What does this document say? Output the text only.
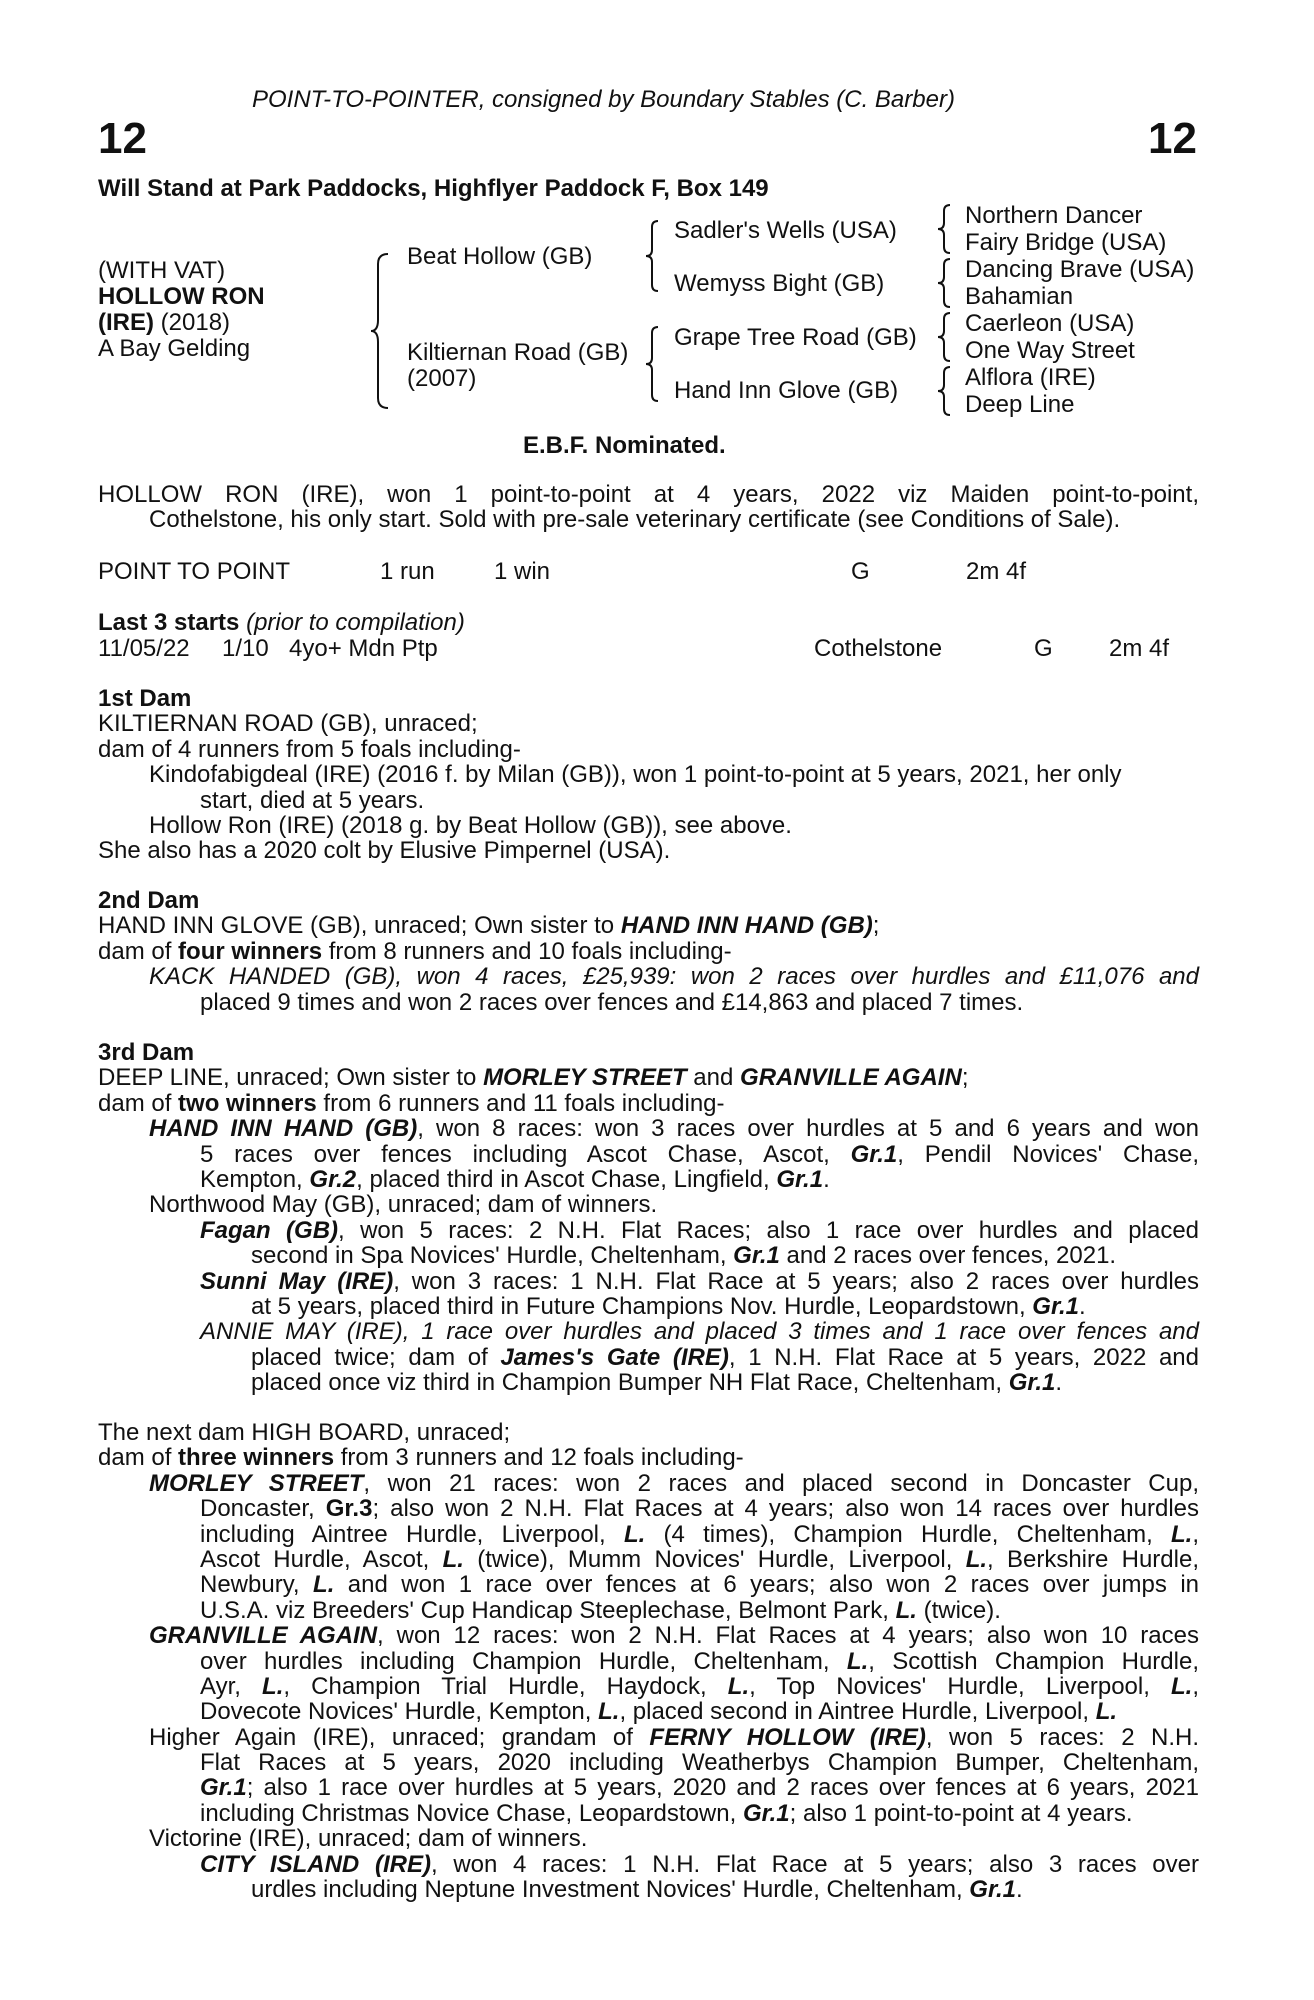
POINT-TO-POINTER, consigned by Boundary Stables (C. Barber)
12	12
Will Stand at Park Paddocks, Highflyer Paddock F, Box 149
(WITH VAT)
HOLLOW RON
(IRE) (2018)
A Bay Gelding
Beat Hollow (GB)
Kiltiernan Road (GB)
(2007)
Sadler's Wells (USA)
Wemyss Bight (GB)
Grape Tree Road (GB)
Hand Inn Glove (GB)
Northern Dancer
Fairy Bridge (USA)
Dancing Brave (USA)
Bahamian
Caerleon (USA)
One Way Street
Alflora (IRE)
Deep Line
E.B.F. Nominated.
HOLLOW RON (IRE), won 1 point-to-point at 4 years, 2022 viz Maiden point-to-point,
Cothelstone, his only start. Sold with pre-sale veterinary certificate (see Conditions of Sale).
POINT TO POINT	1 run 1 win	G	2m 4f
Last 3 starts (prior to compilation)
11/05/22 1/10 4yo+ Mdn Ptp	Cothelstone	G 2m 4f
1st Dam
KILTIERNAN ROAD (GB), unraced;
dam of 4 runners from 5 foals including-
Kindofabigdeal (IRE) (2016 f. by Milan (GB)), won 1 point-to-point at 5 years, 2021, her only
start, died at 5 years.
Hollow Ron (IRE) (2018 g. by Beat Hollow (GB)), see above.
She also has a 2020 colt by Elusive Pimpernel (USA).
2nd Dam
HAND INN GLOVE (GB), unraced; Own sister to HAND INN HAND (GB);
dam of four winners from 8 runners and 10 foals including-
KACK HANDED (GB), won 4 races, £25,939: won 2 races over hurdles and £11,076 and
placed 9 times and won 2 races over fences and £14,863 and placed 7 times.
3rd Dam
DEEP LINE, unraced; Own sister to MORLEY STREET and GRANVILLE AGAIN;
dam of two winners from 6 runners and 11 foals including-
HAND INN HAND (GB), won 8 races: won 3 races over hurdles at 5 and 6 years and won
5 races over fences including Ascot Chase, Ascot, Gr.1, Pendil Novices' Chase,
Kempton, Gr.2, placed third in Ascot Chase, Lingfield, Gr.1.
Northwood May (GB), unraced; dam of winners.
Fagan (GB), won 5 races: 2 N.H. Flat Races; also 1 race over hurdles and placed
second in Spa Novices' Hurdle, Cheltenham, Gr.1 and 2 races over fences, 2021.
Sunni May (IRE), won 3 races: 1 N.H. Flat Race at 5 years; also 2 races over hurdles
at 5 years, placed third in Future Champions Nov. Hurdle, Leopardstown, Gr.1.
ANNIE MAY (IRE), 1 race over hurdles and placed 3 times and 1 race over fences and
placed twice; dam of James's Gate (IRE), 1 N.H. Flat Race at 5 years, 2022 and
placed once viz third in Champion Bumper NH Flat Race, Cheltenham, Gr.1.
The next dam HIGH BOARD, unraced;
dam of three winners from 3 runners and 12 foals including-
MORLEY STREET, won 21 races: won 2 races and placed second in Doncaster Cup,
Doncaster, Gr.3; also won 2 N.H. Flat Races at 4 years; also won 14 races over hurdles
including Aintree Hurdle, Liverpool, L. (4 times), Champion Hurdle, Cheltenham, L.,
Ascot Hurdle, Ascot, L. (twice), Mumm Novices' Hurdle, Liverpool, L., Berkshire Hurdle,
Newbury, L. and won 1 race over fences at 6 years; also won 2 races over jumps in
U.S.A. viz Breeders' Cup Handicap Steeplechase, Belmont Park, L. (twice).
GRANVILLE AGAIN, won 12 races: won 2 N.H. Flat Races at 4 years; also won 10 races
over hurdles including Champion Hurdle, Cheltenham, L., Scottish Champion Hurdle,
Ayr, L., Champion Trial Hurdle, Haydock, L., Top Novices' Hurdle, Liverpool, L.,
Dovecote Novices' Hurdle, Kempton, L., placed second in Aintree Hurdle, Liverpool, L.
Higher Again (IRE), unraced; grandam of FERNY HOLLOW (IRE), won 5 races: 2 N.H.
Flat Races at 5 years, 2020 including Weatherbys Champion Bumper, Cheltenham,
Gr.1; also 1 race over hurdles at 5 years, 2020 and 2 races over fences at 6 years, 2021
including Christmas Novice Chase, Leopardstown, Gr.1; also 1 point-to-point at 4 years.
Victorine (IRE), unraced; dam of winners.
CITY ISLAND (IRE), won 4 races: 1 N.H. Flat Race at 5 years; also 3 races over
urdles including Neptune Investment Novices' Hurdle, Cheltenham, Gr.1.
